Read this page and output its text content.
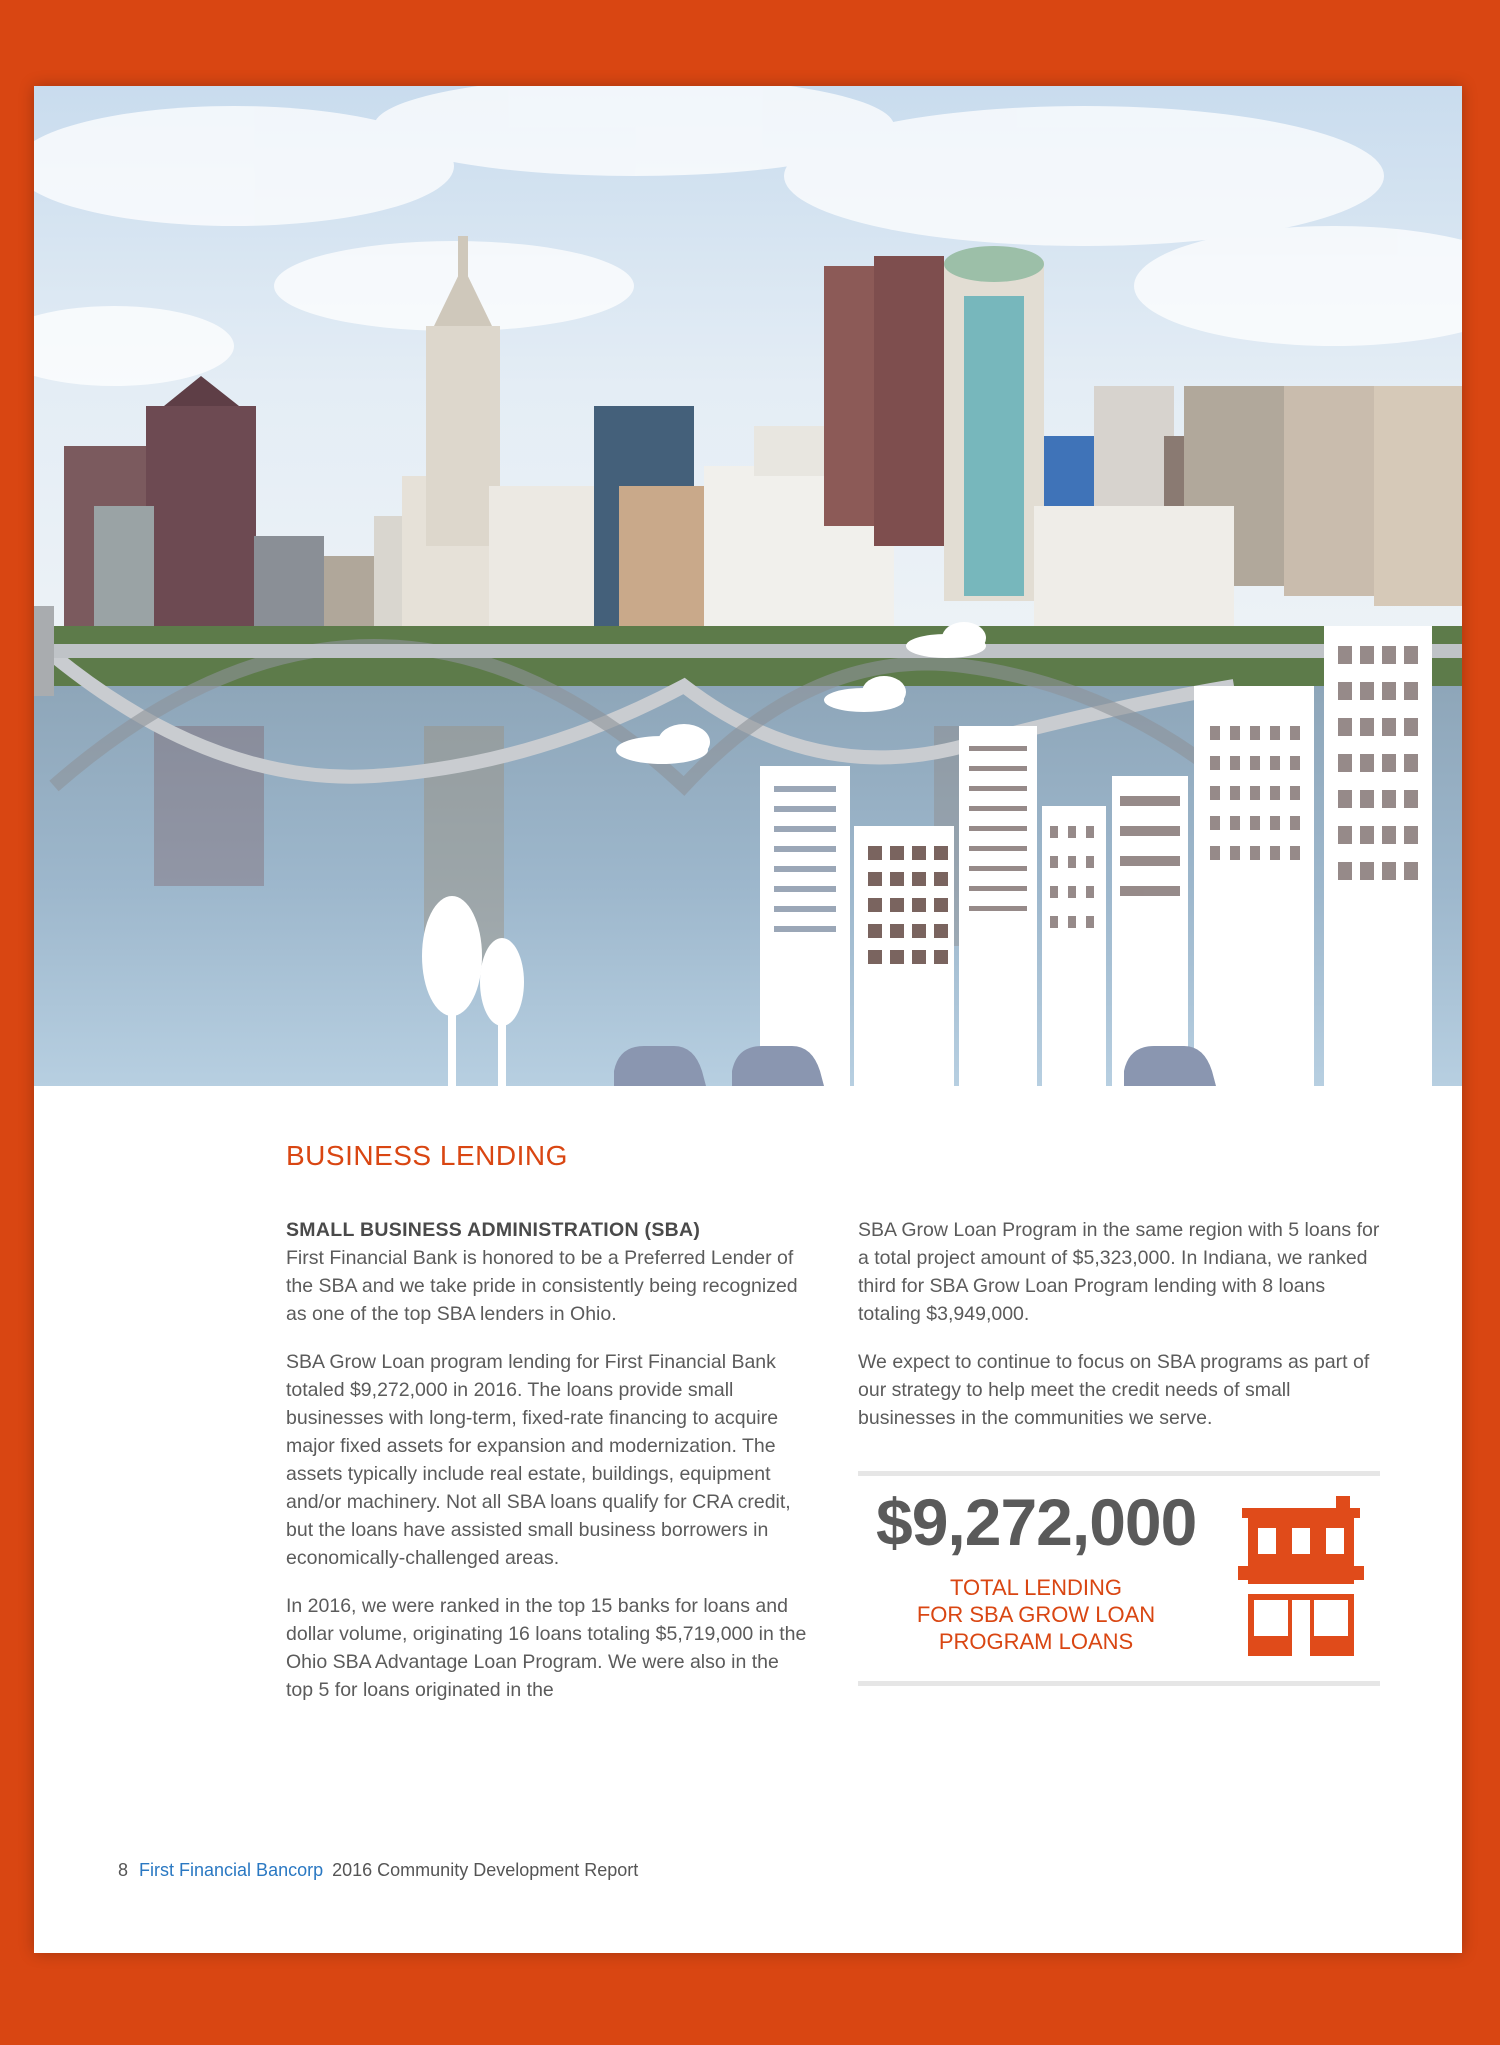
BUSINESS LENDING

SMALL BUSINESS ADMINISTRATION (SBA)
First Financial Bank is honored to be a Preferred Lender of the SBA and we take pride in consistently being recognized as one of the top SBA lenders in Ohio.

SBA Grow Loan program lending for First Financial Bank totaled $9,272,000 in 2016. The loans provide small businesses with long-term, fixed-rate financing to acquire major fixed assets for expansion and modernization. The assets typically include real estate, buildings, equipment and/or machinery. Not all SBA loans qualify for CRA credit, but the loans have assisted small business borrowers in economically-challenged areas.

In 2016, we were ranked in the top 15 banks for loans and dollar volume, originating 16 loans totaling $5,719,000 in the Ohio SBA Advantage Loan Program. We were also in the top 5 for loans originated in the

SBA Grow Loan Program in the same region with 5 loans for a total project amount of $5,323,000. In Indiana, we ranked third for SBA Grow Loan Program lending with 8 loans totaling $3,949,000.

We expect to continue to focus on SBA programs as part of our strategy to help meet the credit needs of small businesses in the communities we serve.

$9,272,000
TOTAL LENDING
FOR SBA GROW LOAN
PROGRAM LOANS
8 First Financial Bancorp 2016 Community Development Report
